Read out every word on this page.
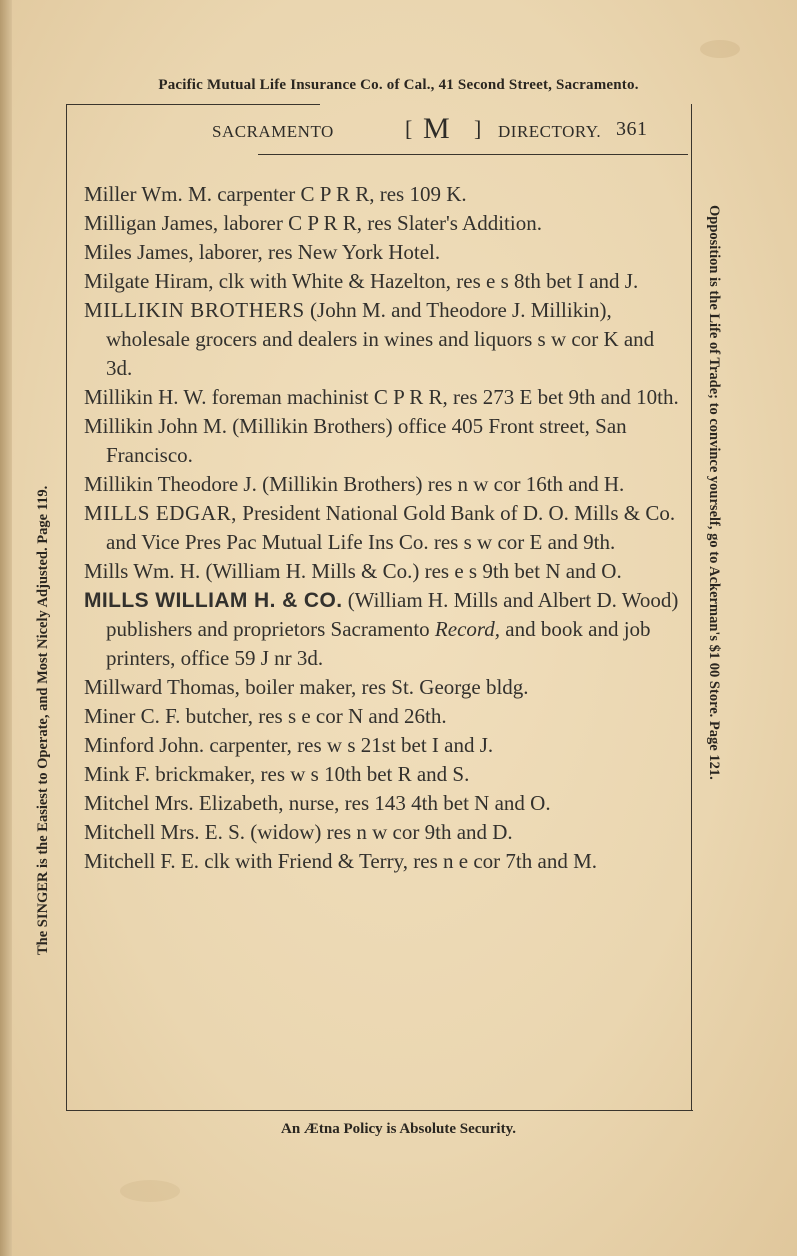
Pacific Mutual Life Insurance Co. of Cal., 41 Second Street, Sacramento.
The SINGER is the Easiest to Operate, and Most Nicely Adjusted. Page 119.	Opposition is the Life of Trade; to convince yourself, go to Ackerman's $1 00 Store. Page 121.
SACRAMENTO	[ M ] DIRECTORY. 361

Miller Wm. M. carpenter C P R R, res 109 K.

Milligan James, laborer C P R R, res Slater's Addition.

Miles James, laborer, res New York Hotel.

Milgate Hiram, clk with White & Hazelton, res e s 8th bet I and J.

MILLIKIN BROTHERS (John M. and Theodore J. Millikin), wholesale grocers and dealers in wines and liquors s w cor K and 3d.

Millikin H. W. foreman machinist C P R R, res 273 E bet 9th and 10th.

Millikin John M. (Millikin Brothers) office 405 Front street, San Francisco.

Millikin Theodore J. (Millikin Brothers) res n w cor 16th and H.

MILLS EDGAR, President National Gold Bank of D. O. Mills & Co. and Vice Pres Pac Mutual Life Ins Co. res s w cor E and 9th.

Mills Wm. H. (William H. Mills & Co.) res e s 9th bet N and O.

MILLS WILLIAM H. & CO. (William H. Mills and Albert D. Wood) publishers and proprietors Sacramento Record, and book and job printers, office 59 J nr 3d.

Millward Thomas, boiler maker, res St. George bldg.

Miner C. F. butcher, res s e cor N and 26th.

Minford John. carpenter, res w s 21st bet I and J.

Mink F. brickmaker, res w s 10th bet R and S.

Mitchel Mrs. Elizabeth, nurse, res 143 4th bet N and O.

Mitchell Mrs. E. S. (widow) res n w cor 9th and D.

Mitchell F. E. clk with Friend & Terry, res n e cor 7th and M.

An Ætna Policy is Absolute Security.
